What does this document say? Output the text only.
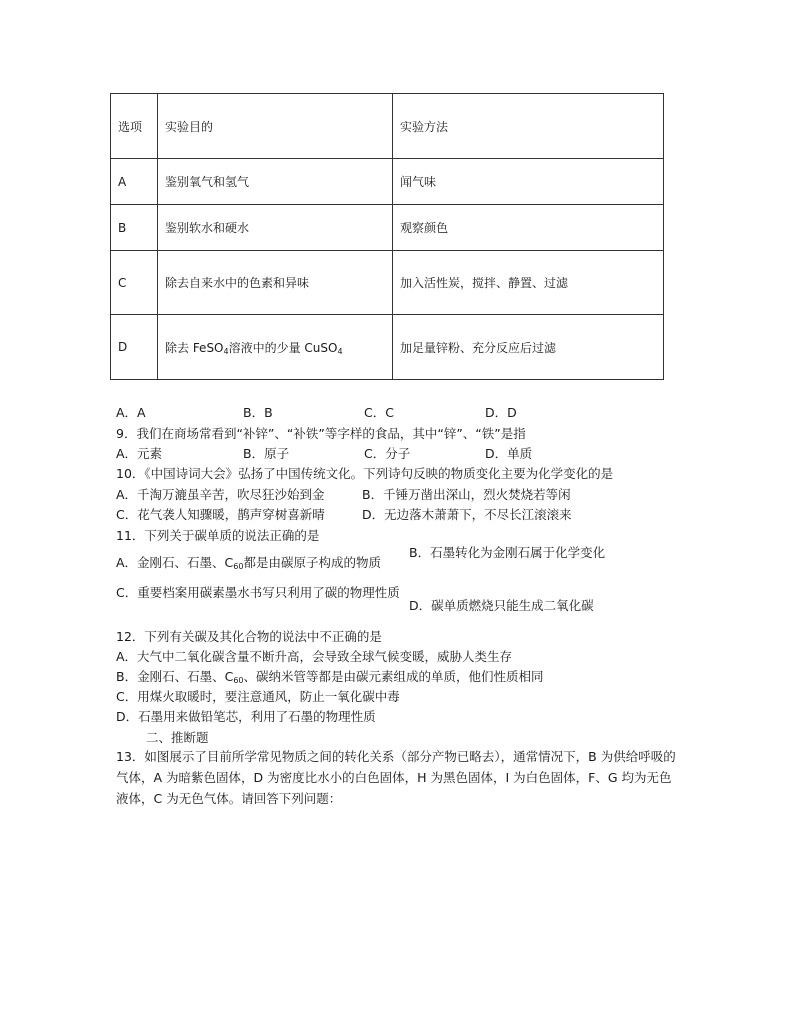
选项	实验目的	实验方法
A	鉴别氧气和氢气	闻气味
B	鉴别软水和硬水	观察颜色
C	除去自来水中的色素和异味	加入活性炭，搅拌、静置、过滤
D	除去 FeSO$_4$溶液中的少量 CuSO$_4$	加足量锌粉、充分反应后过滤
A．A	B．B	C．C	D．D
9．我们在商场常看到“补锌”、“补铁”等字样的食品，其中“锌”、“铁”是指
A．元素	B．原子	C．分子	D．单质
10．《中国诗词大会》弘扬了中国传统文化。下列诗句反映的物质变化主要为化学变化的是
A．千淘万漉虽辛苦，吹尽狂沙始到金	B．千锤万凿出深山，烈火焚烧若等闲
C．花气袭人知骤暖，鹊声穿树喜新晴	D．无边落木萧萧下，不尽长江滚滚来
11．下列关于碳单质的说法正确的是
A．金刚石、石墨、$C_{60}$都是由碳原子构成的物质
B．石墨转化为金刚石属于化学变化
C．重要档案用碳素墨水书写只利用了碳的物理性质
D．碳单质燃烧只能生成二氧化碳
12．下列有关碳及其化合物的说法中不正确的是
A．大气中二氧化碳含量不断升高，会导致全球气候变暖，威胁人类生存
B．金刚石、石墨、$C_{60}$、碳纳米管等都是由碳元素组成的单质，他们性质相同
C．用煤火取暖时，要注意通风，防止一氧化碳中毒
D．石墨用来做铅笔芯，利用了石墨的物理性质
二、推断题
13．如图展示了目前所学常见物质之间的转化关系（部分产物已略去），通常情况下，B 为供给呼吸的气体，A 为暗紫色固体，D 为密度比水小的白色固体，H 为黑色固体，I 为白色固体，F、G 均为无色液体，C 为无色气体。请回答下列问题：
